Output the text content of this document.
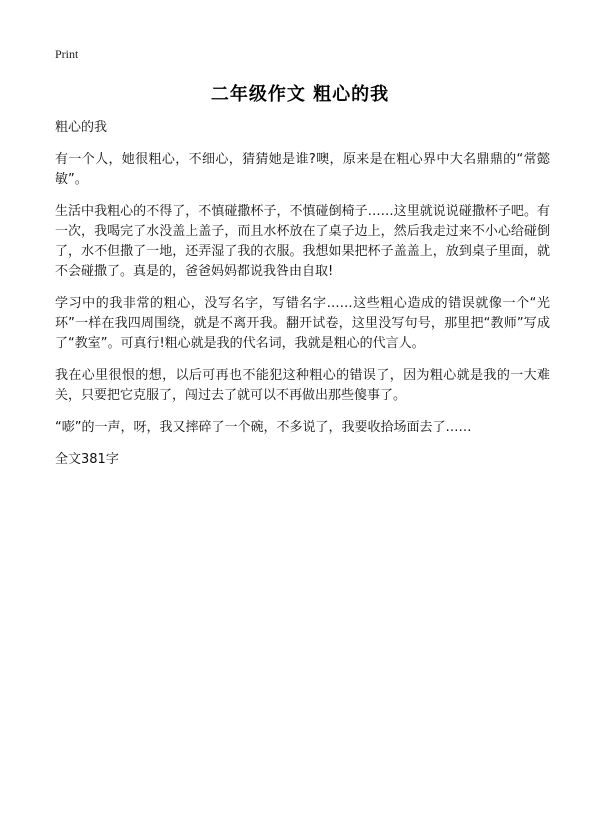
Print
二年级作文 粗心的我

粗心的我

有一个人，她很粗心，不细心，猜猜她是谁?噢，原来是在粗心界中大名鼎鼎的“常懿敏”。

生活中我粗心的不得了，不慎碰撒杯子，不慎碰倒椅子……这里就说说碰撒杯子吧。有一次，我喝完了水没盖上盖子，而且水杯放在了桌子边上，然后我走过来不小心给碰倒了，水不但撒了一地，还弄湿了我的衣服。我想如果把杯子盖盖上，放到桌子里面，就不会碰撒了。真是的，爸爸妈妈都说我咎由自取!

学习中的我非常的粗心，没写名字，写错名字……这些粗心造成的错误就像一个“光环”一样在我四周围绕，就是不离开我。翻开试卷，这里没写句号，那里把“教师”写成了“教室”。可真行!粗心就是我的代名词，我就是粗心的代言人。

我在心里很恨的想，以后可再也不能犯这种粗心的错误了，因为粗心就是我的一大难关，只要把它克服了，闯过去了就可以不再做出那些傻事了。

“嘭”的一声，呀，我又摔碎了一个碗，不多说了，我要收拾场面去了……

全文381字
